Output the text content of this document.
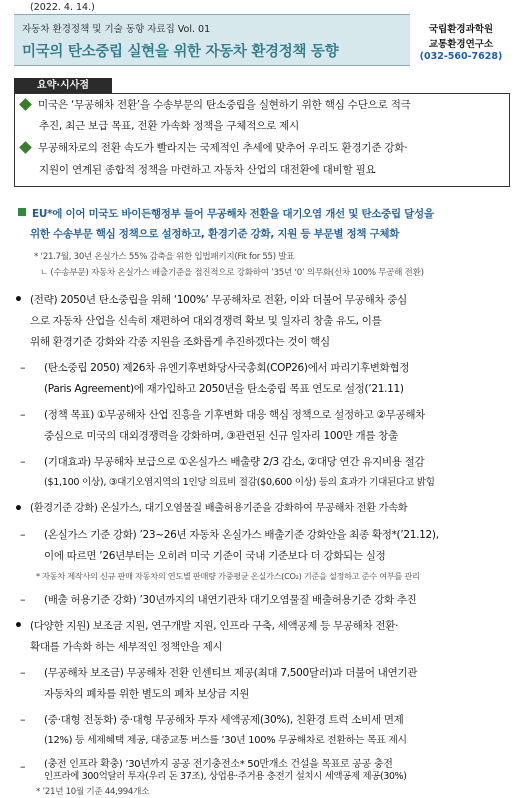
(2022. 4. 14.)
자동차 환경정책 및 기술 동향 자료집 Vol. 01
미국의 탄소중립 실현을 위한 자동차 환경정책 동향
국립환경과학원
교통환경연구소
(032-560-7628)
요약·시사점
미국은 ‘무공해차 전환’을 수송부문의 탄소중립을 실현하기 위한 핵심 수단으로 적극
추진, 최근 보급 목표, 전환 가속화 정책을 구체적으로 제시
무공해차로의 전환 속도가 빨라지는 국제적인 추세에 맞추어 우리도 환경기준 강화·
지원이 연계된 종합적 정책을 마련하고 자동차 산업의 대전환에 대비할 필요
EU*에 이어 미국도 바이든행정부 들어 무공해차 전환을 대기오염 개선 및 탄소중립 달성을
위한 수송부문 핵심 정책으로 설정하고, 환경기준 강화, 지원 등 부문별 정책 구체화
* ‘21.7월, 30년 온실가스 55% 감축을 위한 입법패키지(Fit for 55) 발표
ㄴ (수송부문) 자동차 온실가스 배출기준을 점진적으로 강화하여 ’35년 ‘0’ 의무화(신차 100% 무공해 전환)
• (전략) 2050년 탄소중립을 위해 ‘100%’ 무공해차로 전환, 이와 더불어 무공해차 중심
으로 자동차 산업을 신속히 재편하여 대외경쟁력 확보 및 일자리 창출 유도, 이를
위해 환경기준 강화와 각종 지원을 조화롭게 추진하겠다는 것이 핵심
– (탄소중립 2050) 제26차 유엔기후변화당사국총회(COP26)에서 파리기후변화협정
(Paris Agreement)에 재가입하고 2050년을 탄소중립 목표 연도로 설정(’21.11)
– (정책 목표) ①무공해차 산업 진흥을 기후변화 대응 핵심 정책으로 설정하고 ②무공해차
중심으로 미국의 대외경쟁력을 강화하며, ③관련된 신규 일자리 100만 개를 창출
– (기대효과) 무공해차 보급으로 ①온실가스 배출량 2/3 감소, ②대당 연간 유지비용 절감
($1,100 이상), ③대기오염지역의 1인당 의료비 절감($0,600 이상) 등의 효과가 기대된다고 밝힘
• (환경기준 강화) 온실가스, 대기오염물질 배출허용기준을 강화하여 무공해차 전환 가속화
– (온실가스 기준 강화) ’23~26년 자동차 온실가스 배출기준 강화안을 최종 확정*(’21.12),
이에 따르면 ’26년부터는 오히려 미국 기준이 국내 기준보다 더 강화되는 실정
* 자동차 제작사의 신규 판매 자동차의 연도별 판매량 가중평균 온실가스(CO₂) 기준을 설정하고 준수 여부를 관리
– (배출 허용기준 강화) ’30년까지의 내연기관차 대기오염물질 배출허용기준 강화 추진
• (다양한 지원) 보조금 지원, 연구개발 지원, 인프라 구축, 세액공제 등 무공해차 전환·
확대를 가속화 하는 세부적인 정책안을 제시
– (무공해차 보조금) 무공해차 전환 인센티브 제공(최대 7,500달러)과 더불어 내연기관
자동차의 폐차를 위한 별도의 폐차 보상금 지원
– (중·대형 전동화) 중·대형 무공해차 투자 세액공제(30%), 친환경 트럭 소비세 면제
(12%) 등 세제혜택 제공, 대중교통 버스를 ’30년 100% 무공해차로 전환하는 목표 제시
– (충전 인프라 확충) ’30년까지 공공 전기충전소* 50만개소 건설을 목표로 공공 충전
인프라에 300억달러 투자(우리 돈 37조), 상업용·주거용 충전기 설치시 세액공제 제공(30%)
* ’21년 10월 기준 44,994개소
